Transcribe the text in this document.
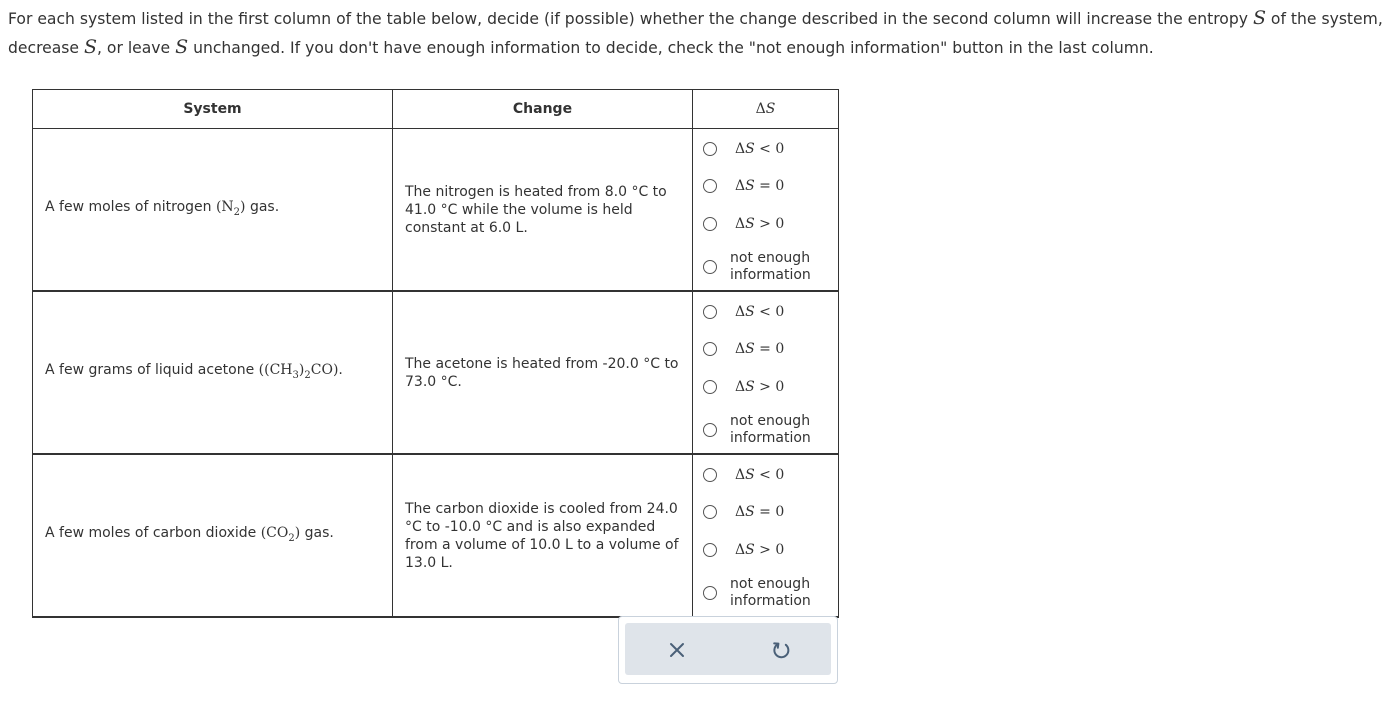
For each system listed in the first column of the table below, decide (if possible) whether the change described in the second column will increase the entropy S of the system, decrease S, or leave S unchanged. If you don't have enough information to decide, check the "not enough information" button in the last column.

System	Change	ΔS
A few moles of nitrogen $(N_2)$ gas.	The nitrogen is heated from 8.0 °C to 41.0 °C while the volume is held constant at 6.0 L.	ΔS < 0
ΔS = 0
ΔS > 0
not enough
information

A few grams of liquid acetone $((CH_3)_2CO)$.	The acetone is heated from -20.0 °C to 73.0 °C.	ΔS < 0
ΔS = 0
ΔS > 0
not enough
information

A few moles of carbon dioxide $(CO_2)$ gas.	The carbon dioxide is cooled from 24.0 °C to -10.0 °C and is also expanded from a volume of 10.0 L to a volume of 13.0 L.	ΔS < 0
ΔS = 0
ΔS > 0
not enough
information
